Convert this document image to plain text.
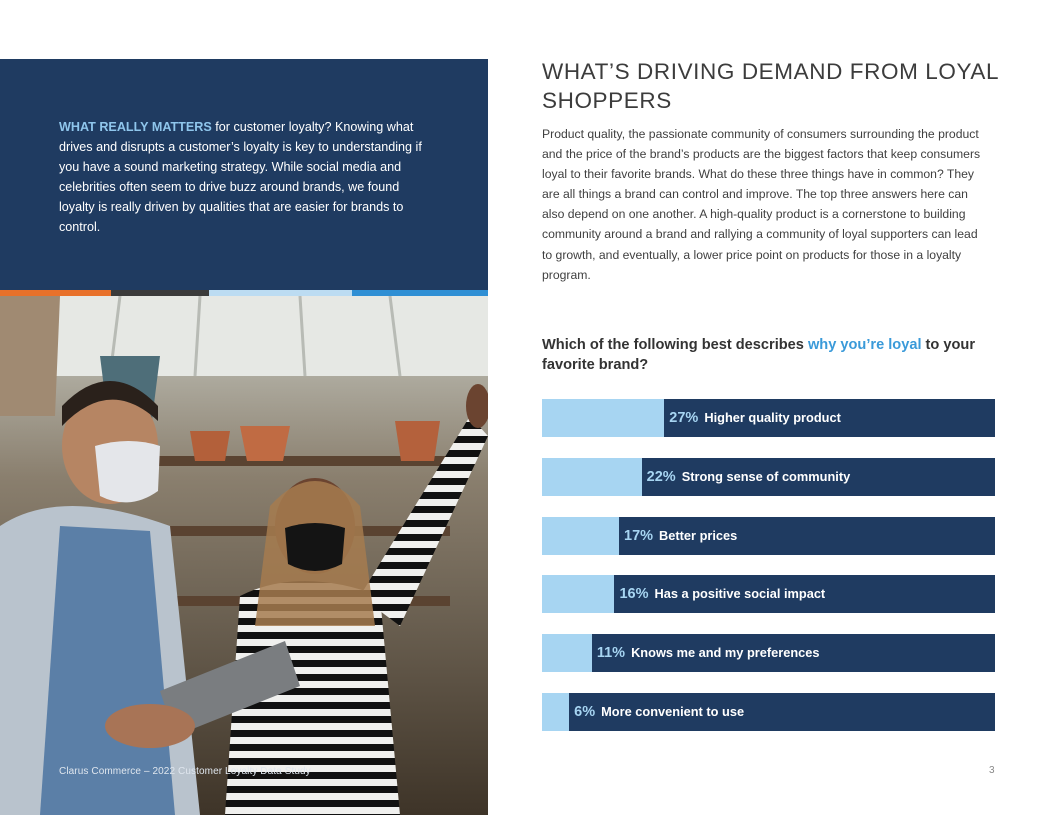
WHAT REALLY MATTERS for customer loyalty? Knowing what drives and disrupts a customer’s loyalty is key to understanding if you have a sound marketing strategy. While social media and celebrities often seem to drive buzz around brands, we found loyalty is really driven by qualities that are easier for brands to control.

Clarus Commerce – 2022 Customer Loyalty Data Study
WHAT’S DRIVING DEMAND FROM LOYAL SHOPPERS

Product quality, the passionate community of consumers surrounding the product and the price of the brand’s products are the biggest factors that keep consumers loyal to their favorite brands. What do these three things have in common? They are all things a brand can control and improve. The top three answers here can also depend on one another. A high-quality product is a cornerstone to building community around a brand and rallying a community of loyal supporters can lead to growth, and eventually, a lower price point on products for those in a loyalty program.

Which of the following best describes why you’re loyal to your favorite brand?

27% Higher quality product
22% Strong sense of community
17% Better prices
16% Has a positive social impact
11% Knows me and my preferences
6% More convenient to use
3
